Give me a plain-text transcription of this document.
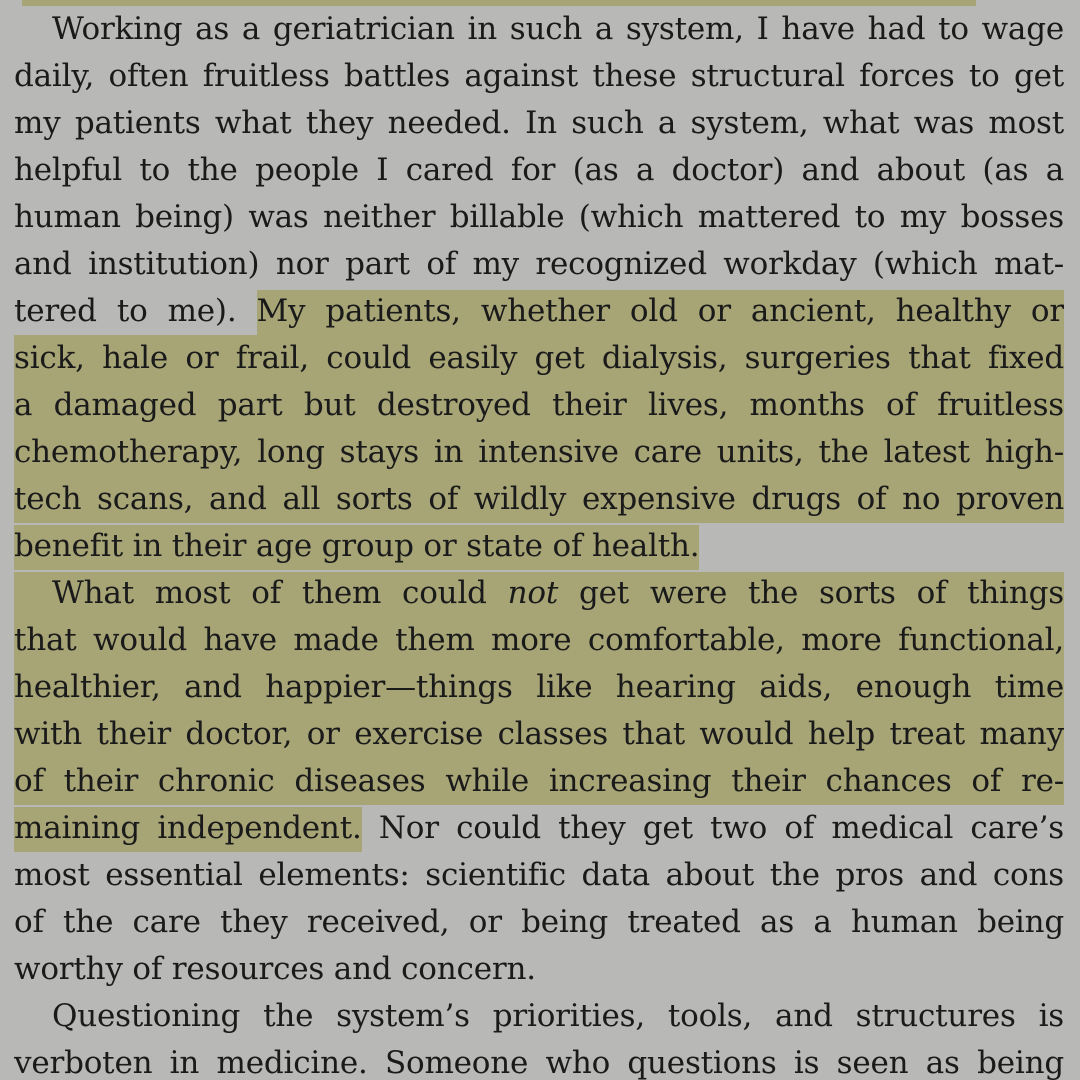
Working as a geriatrician in such a system, I have had to wage
daily, often fruitless battles against these structural forces to get
my patients what they needed. In such a system, what was most
helpful to the people I cared for (as a doctor) and about (as a
human being) was neither billable (which mattered to my bosses
and institution) nor part of my recognized workday (which mat-
tered to me). My patients, whether old or ancient, healthy or
sick, hale or frail, could easily get dialysis, surgeries that fixed
a damaged part but destroyed their lives, months of fruitless
chemotherapy, long stays in intensive care units, the latest high-
tech scans, and all sorts of wildly expensive drugs of no proven
benefit in their age group or state of health.
What most of them could not get were the sorts of things
that would have made them more comfortable, more functional,
healthier, and happier—things like hearing aids, enough time
with their doctor, or exercise classes that would help treat many
of their chronic diseases while increasing their chances of re-
maining independent. Nor could they get two of medical care’s
most essential elements: scientific data about the pros and cons
of the care they received, or being treated as a human being
worthy of resources and concern.
Questioning the system’s priorities, tools, and structures is
verboten in medicine. Someone who questions is seen as being
